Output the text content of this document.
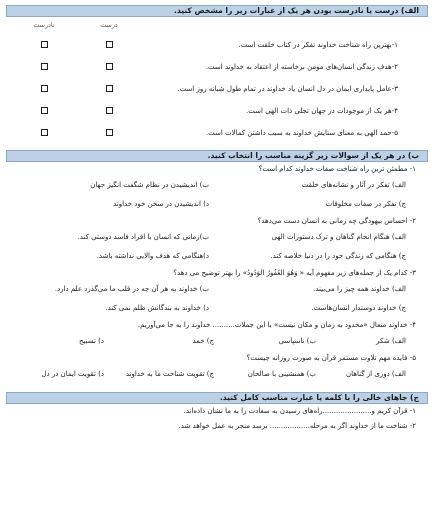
الف) درست یا نادرست بودن هر یک از عبارات زیر را مشخص کنید.
	درست	نادرست
۱-بهترین راه شناخت خداوند تفکر در کتاب خلقت است.		
۲-هدف زندگی انسان‌های مومن برخاسته از اعتقاد به خداوند است.		
۳-عامل پایداری ایمان در دل انسان یاد خداوند در تمام طول شبانه روز است.		
۴-هر یک از موجودات در جهان تجلی ذات الهی است.		
۵-حمد الهی به معنای ستایش خداوند به سبب داشتن کمالات است.		
ب) در هر یک از سوالات زیر گزینه مناسب را انتخاب کنید.
۱- مطمئن ترین راه شناخت صفات خداوند کدام است؟
الف) تفکر در آثار و نشانه‌های خلقت
ب) اندیشیدن در نظام شگفت انگیز جهان
ج) تفکر در صفات مخلوقات
د) اندیشیدن در سخن خود خداوند
۲- احساس بیهودگی چه زمانی به انسان دست می‌دهد؟
الف) هنگام انجام گناهان و ترک دستورات الهی
ب)زمانی که انسان با افراد فاسد دوستی کند.
ج) هنگامی که زندگی خود را در دنیا خلاصه کند.
د)هنگامی که هدف والایی نداشته باشد.
۳- کدام یک از جمله‌های زیر مفهوم آیه « وَهُوَ الغَفُورُ الوَدُودُ» را بهتر توضیح می دهد؟
الف) خداوند همه چیز را می‌بیند.
ب) خداوند به هر آن چه در قلب ما می‌گذرد علم دارد.
ج) خداوند دوستدار انسان‌هاست.
د) خداوند به بندگانش ظلم نمی کند.
۴- خداوند متعال «محدود به زمان و مکان نیست» با این جملات.......... خداوند را به جا می‌آوریم.
الف) شکر
ب) ناسپاسی
ج) حمد
د) تسبیح
۵- فایده مهم تلاوت مستمر قرآن به صورت روزانه چیست؟
الف) دوری از گناهان
ب) همنشینی با صالحان
ج) تقویت شناخت ما به خداوند
د) تقویت ایمان در دل
ج) جاهای خالی را با کلمه یا عبارت مناسب کامل کنید.
۱- قرآن کریم و......................راه‌های رسیدن به سعادت را به ما نشان داده‌اند.
۲- شناخت ما از خداوند اگر به مرحله.................. برسد منجر به عمل خواهد شد.
